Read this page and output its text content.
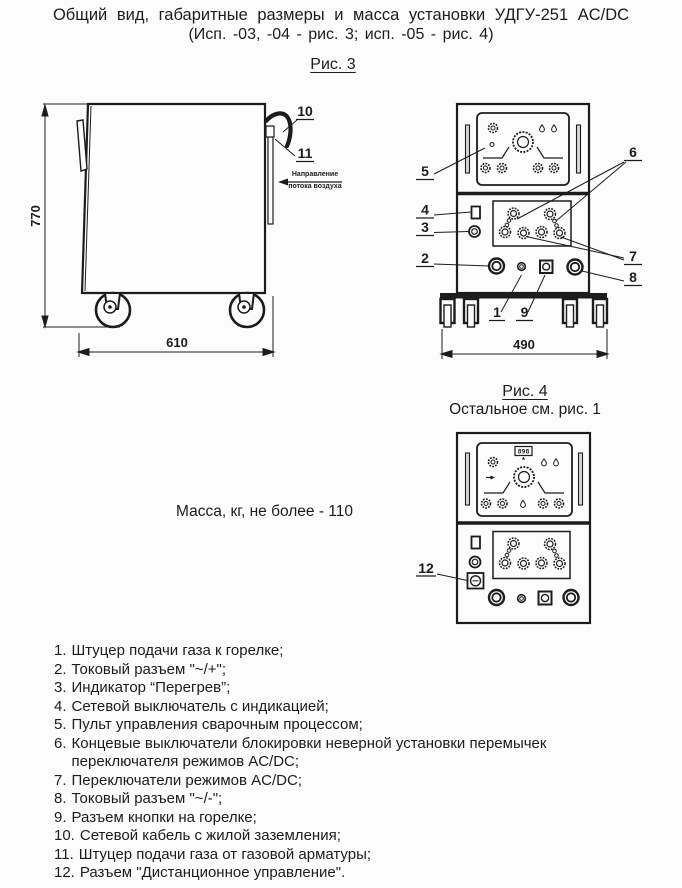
Общий вид, габаритные размеры и масса установки УДГУ-251 AC/DC
(Исп. -03, -04 - рис. 3; исп. -05 - рис. 4)
Рис. 3
770
10
11
Направление
потока воздуха
610	490
5
4
3
2
6
7
8
1 9
Рис. 4
Остальное см. рис. 1
898
12
Масса, кг, не более - 110
1. Штуцер подачи газа к горелке;
2. Токовый разъем "~/+";
3. Индикатор “Перегрев”;
4. Сетевой выключатель с индикацией;
5. Пульт управления сварочным процессом;
6. Концевые выключатели блокировки неверной установки перемычек переключателя режимов AC/DC;
7. Переключатели режимов AC/DC;
8. Токовый разъем "~/-";
9. Разъем кнопки на горелке;
10. Сетевой кабель с жилой заземления;
11. Штуцер подачи газа от газовой арматуры;
12. Разъем "Дистанционное управление".
